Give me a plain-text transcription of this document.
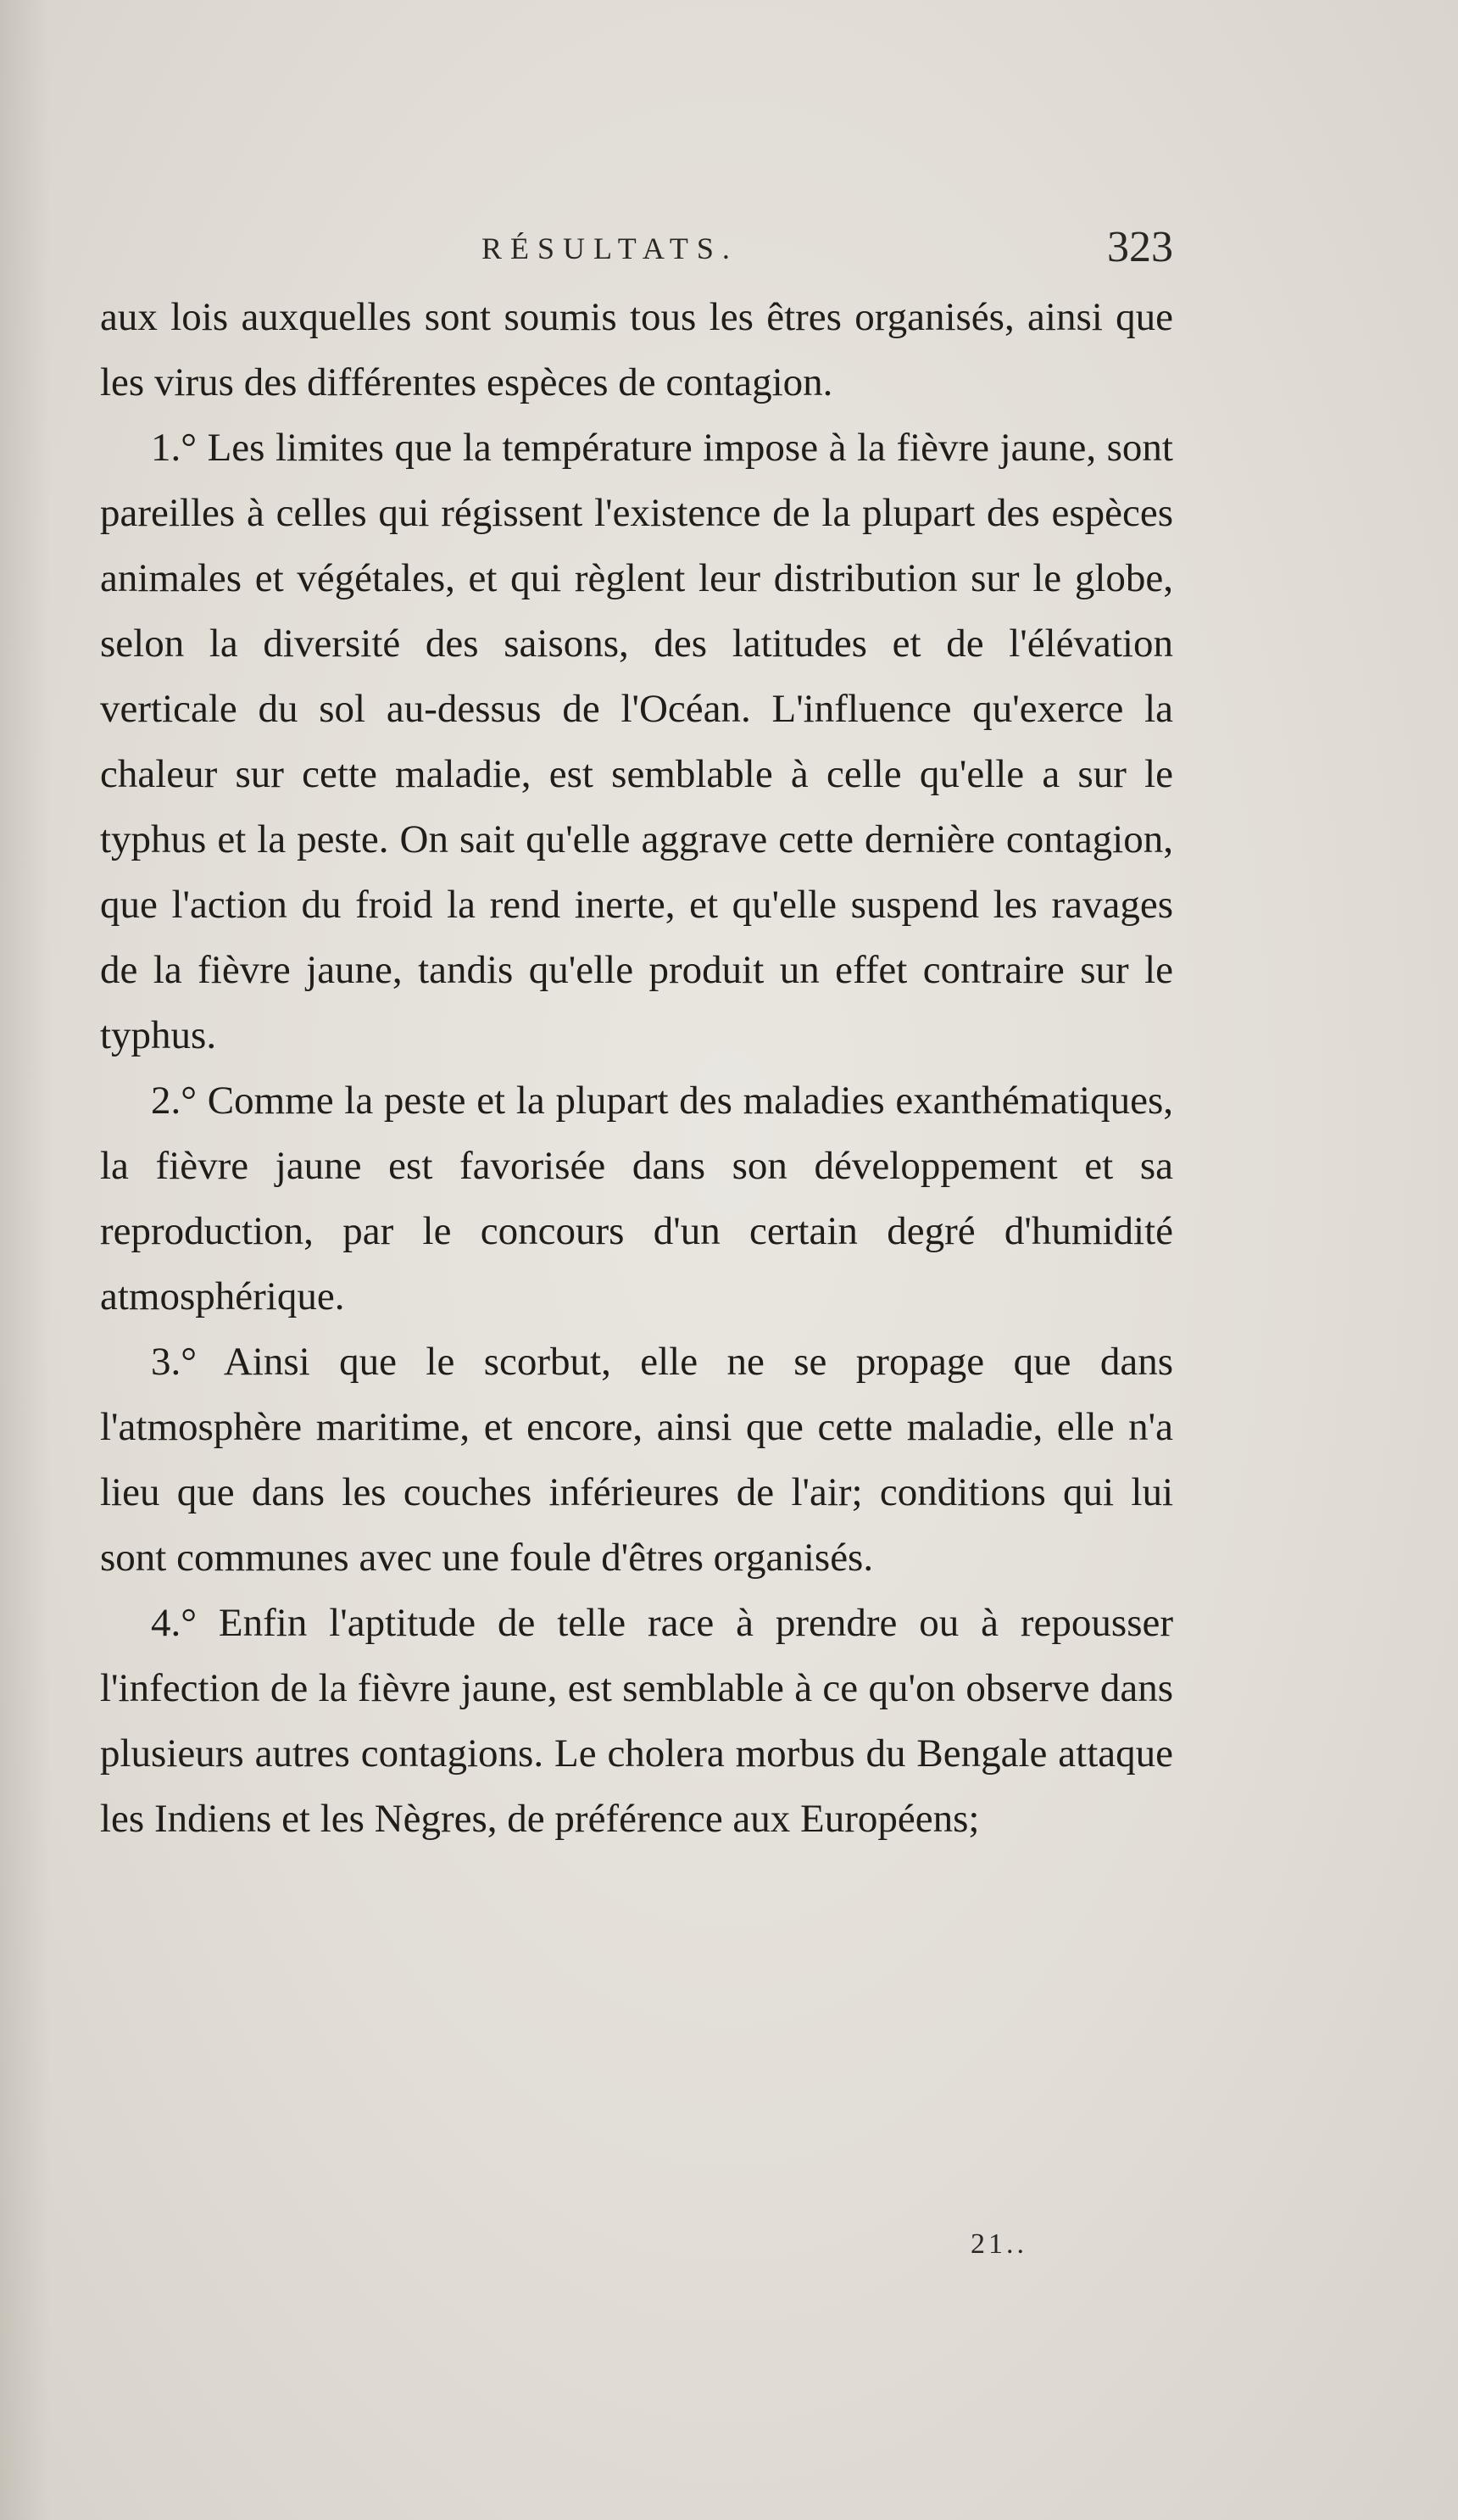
RÉSULTATS.	323

aux lois auxquelles sont soumis tous les êtres organisés, ainsi que les virus des différentes espèces de contagion.

1.° Les limites que la température impose à la fièvre jaune, sont pareilles à celles qui régissent l'existence de la plupart des espèces animales et végétales, et qui règlent leur distribution sur le globe, selon la diversité des saisons, des latitudes et de l'élévation verticale du sol au-dessus de l'Océan. L'influence qu'exerce la chaleur sur cette maladie, est semblable à celle qu'elle a sur le typhus et la peste. On sait qu'elle aggrave cette dernière contagion, que l'action du froid la rend inerte, et qu'elle suspend les ravages de la fièvre jaune, tandis qu'elle produit un effet contraire sur le typhus.

2.° Comme la peste et la plupart des maladies exanthématiques, la fièvre jaune est favorisée dans son développement et sa reproduction, par le concours d'un certain degré d'humidité atmosphérique.

3.° Ainsi que le scorbut, elle ne se propage que dans l'atmosphère maritime, et encore, ainsi que cette maladie, elle n'a lieu que dans les couches inférieures de l'air; conditions qui lui sont communes avec une foule d'êtres organisés.

4.° Enfin l'aptitude de telle race à prendre ou à repousser l'infection de la fièvre jaune, est semblable à ce qu'on observe dans plusieurs autres contagions. Le cholera morbus du Bengale attaque les Indiens et les Nègres, de préférence aux Européens;

21..
